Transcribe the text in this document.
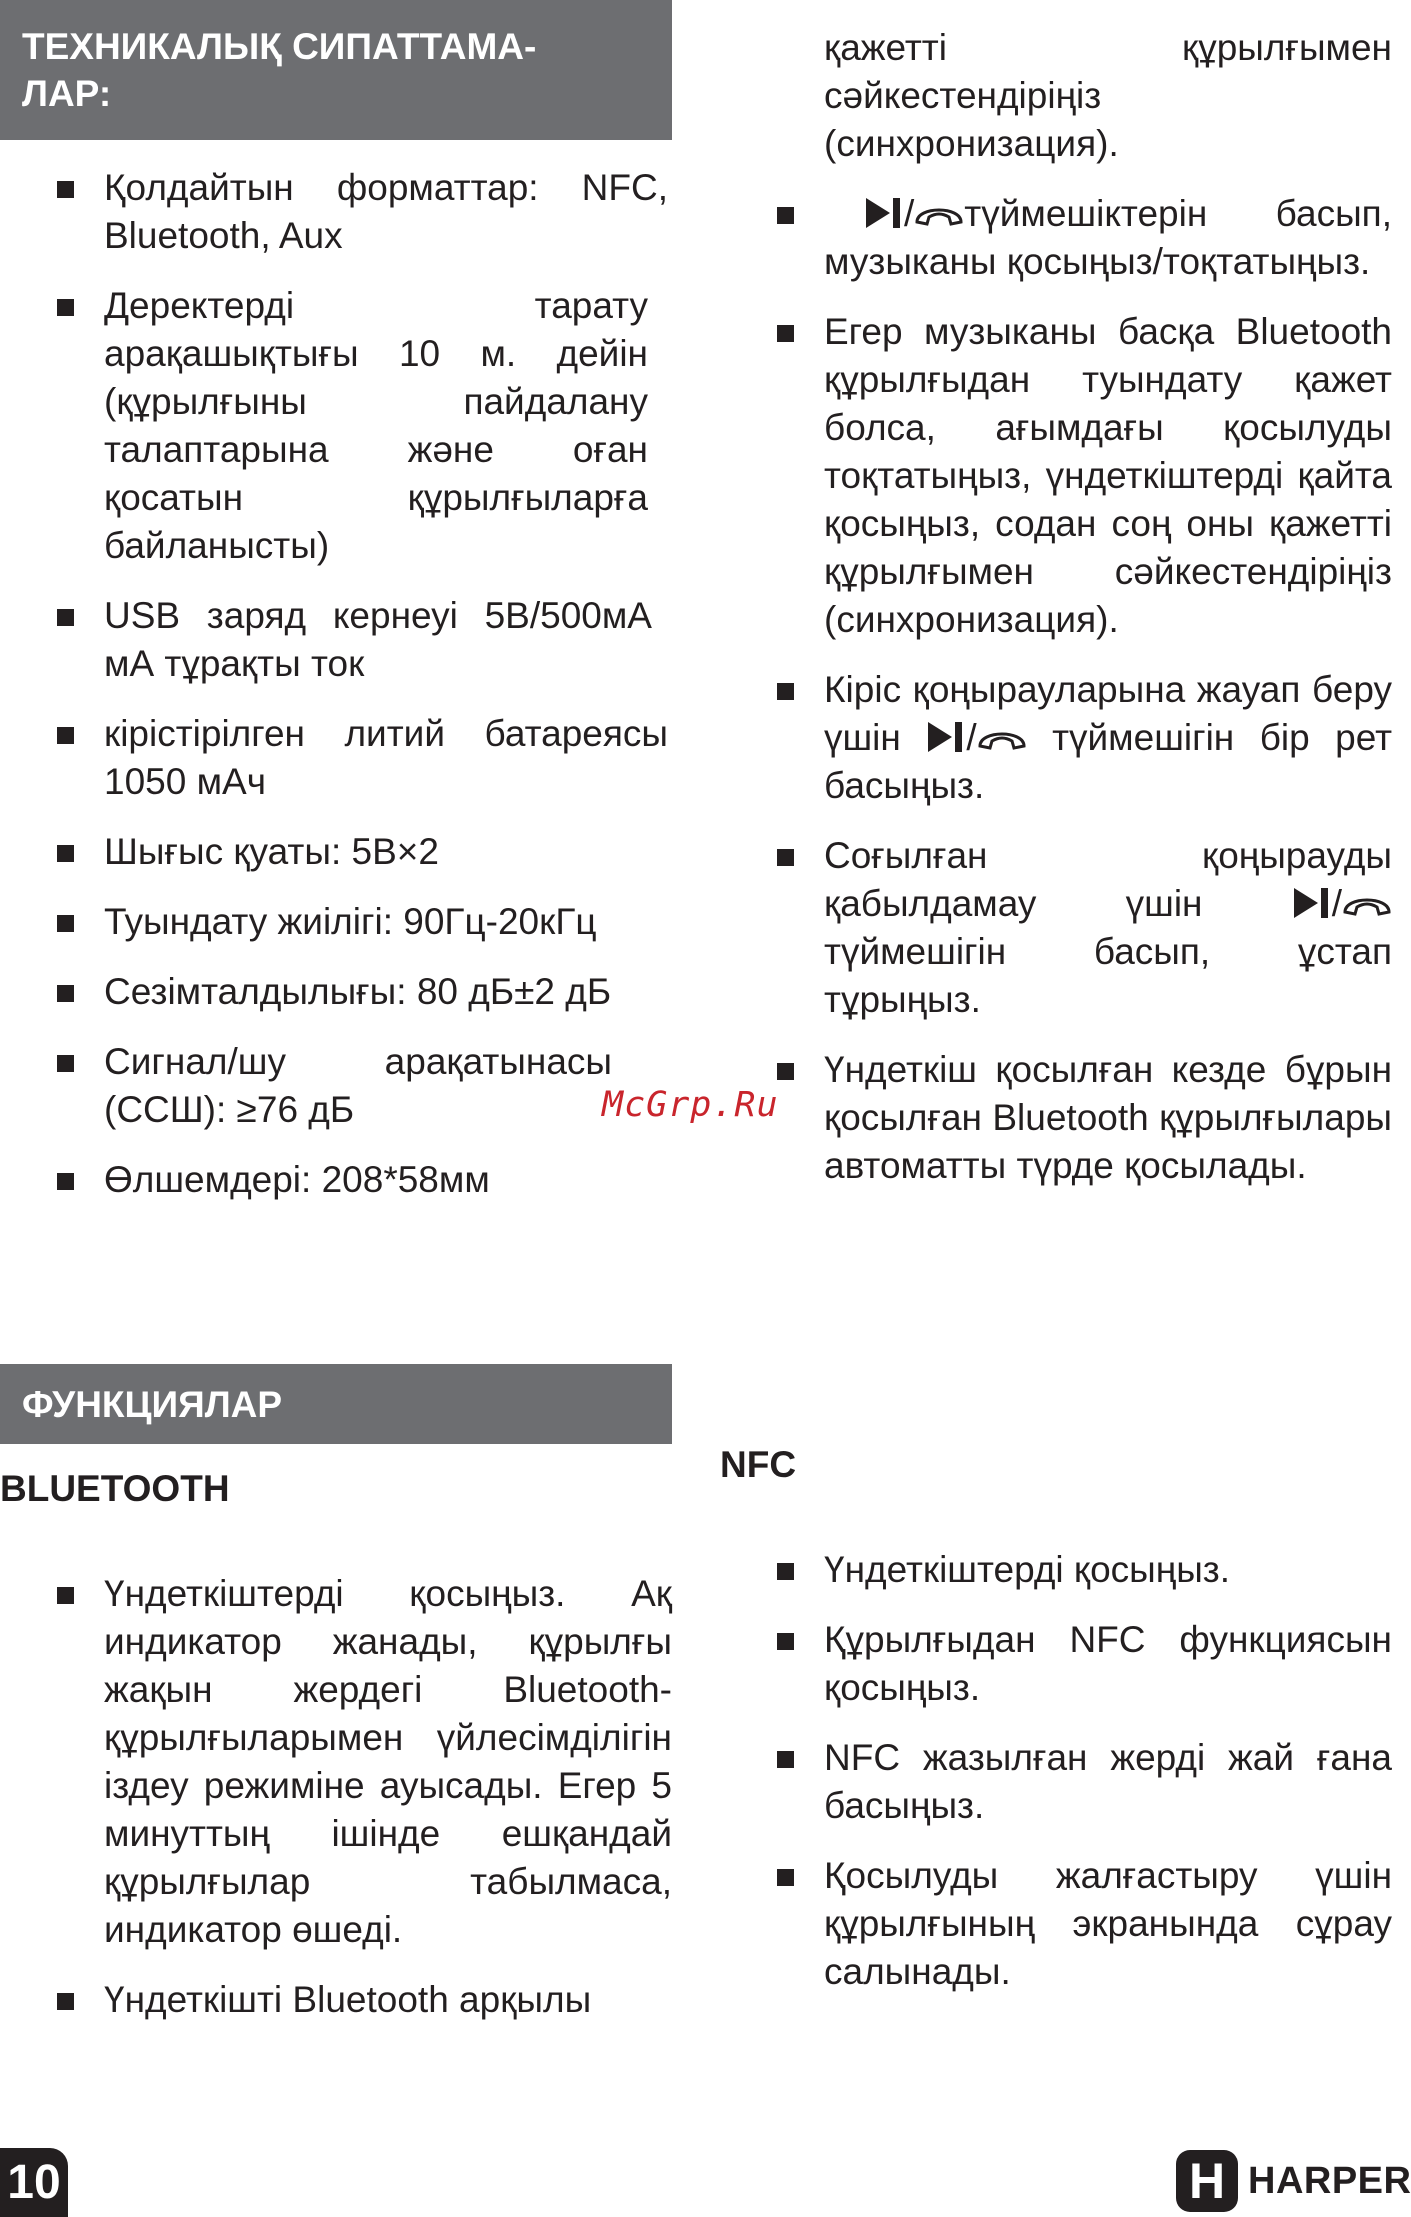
ТЕХНИКАЛЫҚ СИПАТТАМА-
ЛАР:
Қолдайтын форматтар: NFC, Bluetooth, Aux
Деректерді тарату арақашықтығы 10 м. дейін (құрылғыны пайдалану талаптарына және оған қосатын құрылғыларға байланысты)
USB заряд кернеуі 5В/500мА мА тұрақты ток
кірістірілген литий батареясы 1050 мАч
Шығыс қуаты: 5В×2
Туындату жиілігі: 90Гц-20кГц
Сезімталдылығы: 80 дБ±2 дБ
Сигнал/шу арақатынасы (ССШ): ≥76 дБ
Өлшемдері: 208*58мм
ФУНКЦИЯЛАР
BLUETOOTH
Үндеткіштерді қосыңыз. Ақ индикатор жанады, құрылғы жақын жердегі Bluetooth-құрылғыларымен үйлесімділігін іздеу режиміне ауысады. Егер 5 минуттың ішінде ешқандай құрылғылар табылмаса, индикатор өшеді.
Үндеткішті Bluetooth арқылы
қажетті құрылғымен сәйкестендіріңіз (синхронизация).
/ түймешіктерін басып, музыканы қосыңыз/тоқтатыңыз.
Егер музыканы басқа Bluetooth құрылғыдан туындату қажет болса, ағымдағы қосылуды тоқтатыңыз, үндеткіштерді қайта қосыңыз, содан соң оны қажетті құрылғымен сәйкестендіріңіз (синхронизация).
Кіріс қоңырауларына жауап беру үшін / түймешігін бір рет басыңыз.
Соғылған қоңырауды қабылдамау үшін	/
түймешігін басып, ұстап тұрыңыз.
Үндеткіш қосылған кезде бұрын қосылған Bluetooth құрылғылары автоматты түрде қосылады.
NFC
Үндеткіштерді қосыңыз.
Құрылғыдан NFC функциясын қосыңыз.
NFC жазылған жерді жай ғана басыңыз.
Қосылуды жалғастыру үшін құрылғының экранында сұрау салынады.
McGrp.Ru
10	H HARPER
